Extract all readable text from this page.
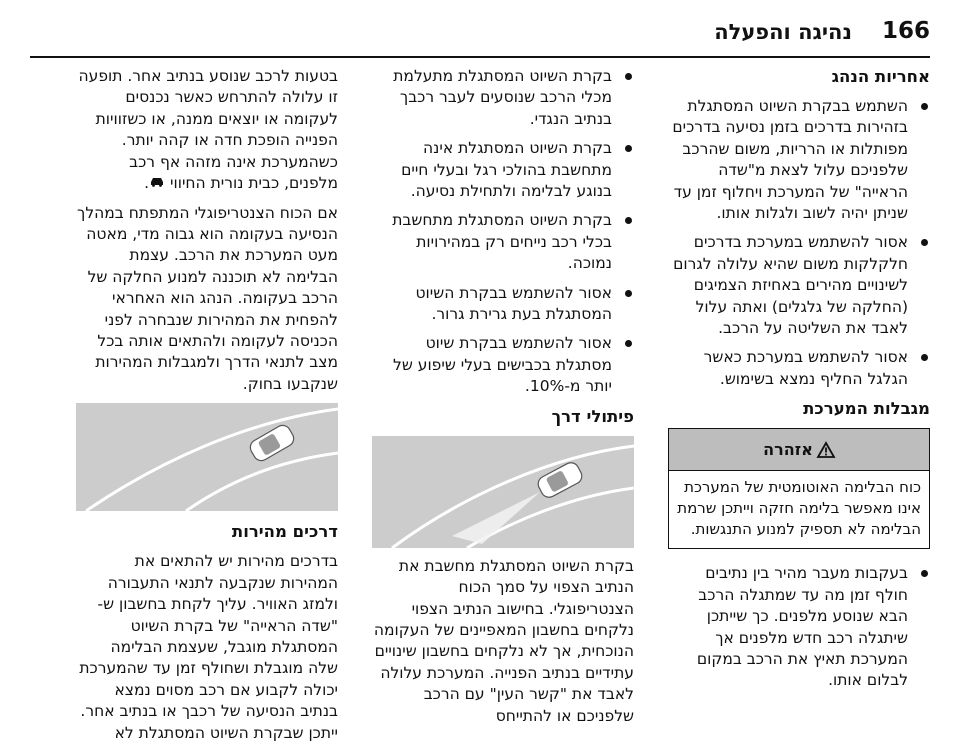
166
נהיגה והפעלה
אחריות הנהג
השתמש בבקרת השיוט המסתגלת בזהירות בדרכים בזמן נסיעה בדרכים מפותלות או הרריות, משום שהרכב שלפניכם עלול לצאת מ"שדה הראייה" של המערכת ויחלוף זמן עד שניתן יהיה לשוב ולגלות אותו.
אסור להשתמש במערכת בדרכים חלקלקות משום שהיא עלולה לגרום לשינויים מהירים באחיזת הצמיגים (החלקה של גלגלים) ואתה עלול לאבד את השליטה על הרכב.
אסור להשתמש במערכת כאשר הגלגל החליף נמצא בשימוש.
מגבלות המערכת
אזהרה
כוח הבלימה האוטומטית של המערכת אינו מאפשר בלימה חזקה וייתכן שרמת הבלימה לא תספיק למנוע התנגשות.
בעקבות מעבר מהיר בין נתיבים חולף זמן מה עד שמתגלה הרכב הבא שנוסע מלפנים. כך שייתכן שיתגלה רכב חדש מלפנים אך המערכת תאיץ את הרכב במקום לבלום אותו.
בקרת השיוט המסתגלת מתעלמת מכלי הרכב שנוסעים לעבר רכבך בנתיב הנגדי.
בקרת השיוט המסתגלת אינה מתחשבת בהולכי רגל ובעלי חיים בנוגע לבלימה ולתחילת נסיעה.
בקרת השיוט המסתגלת מתחשבת בכלי רכב נייחים רק במהירויות נמוכה.
אסור להשתמש בבקרת השיוט המסתגלת בעת גרירת גרור.
אסור להשתמש בבקרת שיוט מסתגלת בכבישים בעלי שיפוע של יותר מ-10%.
פיתולי דרך

בקרת השיוט המסתגלת מחשבת את הנתיב הצפוי על סמך הכוח הצנטריפוגלי. בחישוב הנתיב הצפוי נלקחים בחשבון המאפיינים של העקומה הנוכחית, אך לא נלקחים בחשבון שינויים עתידיים בנתיב הפנייה. המערכת עלולה לאבד את "קשר העין" עם הרכב שלפניכם או להתייחס

בטעות לרכב שנוסע בנתיב אחר. תופעה זו עלולה להתרחש כאשר נכנסים לעקומה או יוצאים ממנה, או כשזוויות הפנייה הופכת חדה או קהה יותר. כשהמערכת אינה מזהה אף רכב מלפנים, כבית נורית החיווי .

אם הכוח הצנטריפוגלי המתפתח במהלך הנסיעה בעקומה הוא גבוה מדי, מאטה מעט המערכת את הרכב. עצמת הבלימה לא תוכננה למנוע החלקה של הרכב בעקומה. הנהג הוא האחראי להפחית את המהירות שנבחרה לפני הכניסה לעקומה ולהתאים אותה בכל מצב לתנאי הדרך ולמגבלות המהירות שנקבעו בחוק.

דרכים מהירות

בדרכים מהירות יש להתאים את המהירות שנקבעה לתנאי התעבורה ולמזג האוויר. עליך לקחת בחשבון ש-"שדה הראייה" של בקרת השיוט המסתגלת מוגבל, שעצמת הבלימה שלה מוגבלת ושחולף זמן עד שהמערכת יכולה לקבוע אם רכב מסוים נמצא בנתיב הנסיעה של רכבך או בנתיב אחר. ייתכן שבקרת השיוט המסתגלת לא
